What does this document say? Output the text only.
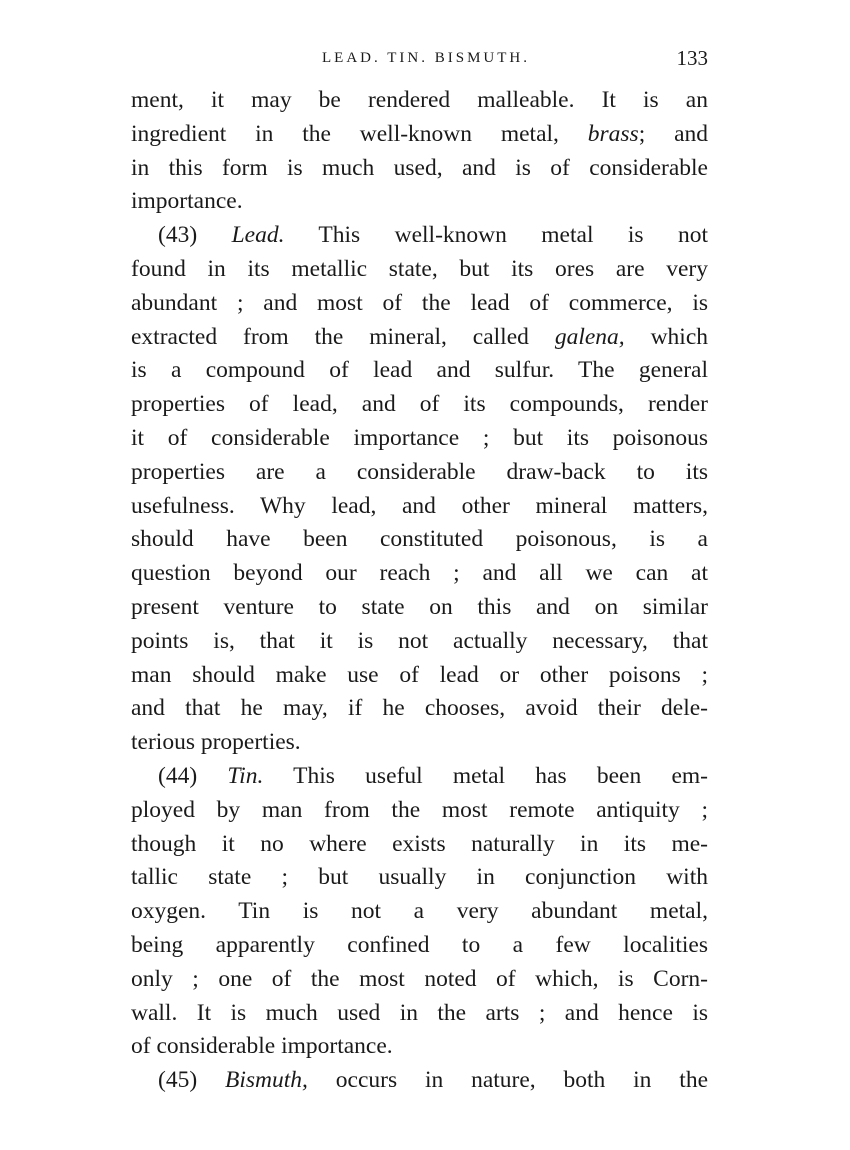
LEAD. TIN. BISMUTH.	133
ment, it may be rendered malleable. It is an
ingredient in the well-known metal, brass; and
in this form is much used, and is of considerable
importance.
(43) Lead. This well-known metal is not
found in its metallic state, but its ores are very
abundant ; and most of the lead of commerce, is
extracted from the mineral, called galena, which
is a compound of lead and sulfur. The general
properties of lead, and of its compounds, render
it of considerable importance ; but its poisonous
properties are a considerable draw-back to its
usefulness. Why lead, and other mineral matters,
should have been constituted poisonous, is a
question beyond our reach ; and all we can at
present venture to state on this and on similar
points is, that it is not actually necessary, that
man should make use of lead or other poisons ;
and that he may, if he chooses, avoid their dele-
terious properties.
(44) Tin. This useful metal has been em-
ployed by man from the most remote antiquity ;
though it no where exists naturally in its me-
tallic state ; but usually in conjunction with
oxygen. Tin is not a very abundant metal,
being apparently confined to a few localities
only ; one of the most noted of which, is Corn-
wall. It is much used in the arts ; and hence is
of considerable importance.
(45) Bismuth, occurs in nature, both in the
